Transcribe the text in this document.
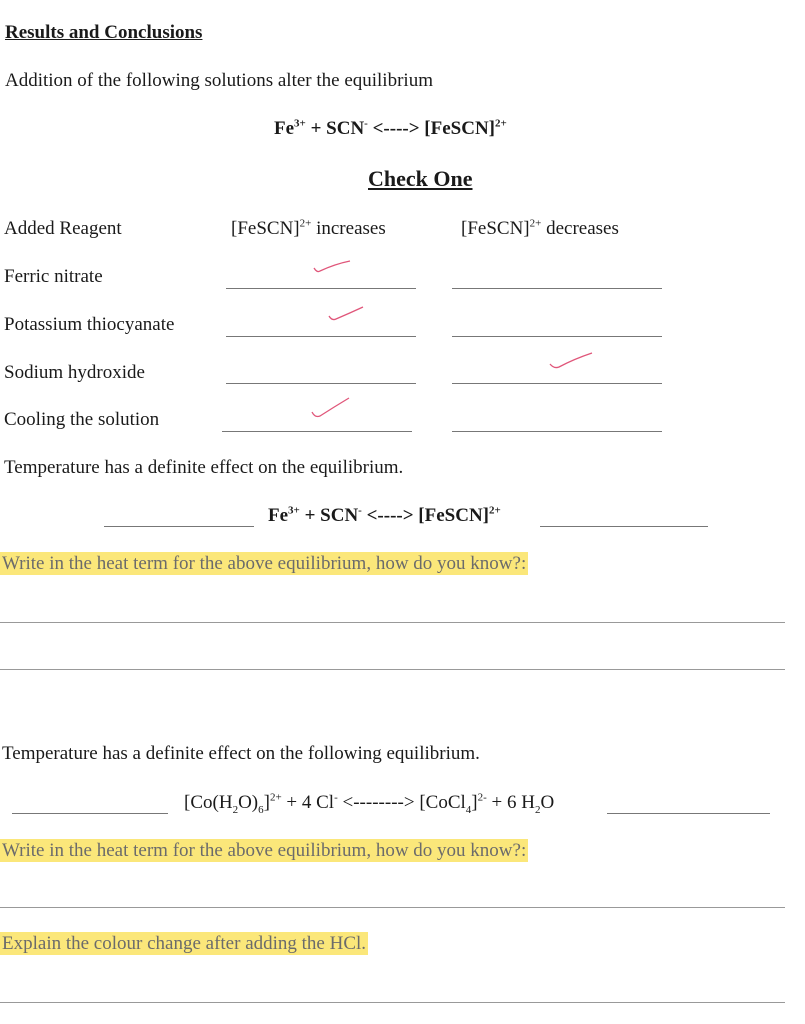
Results and Conclusions
Addition of the following solutions alter the equilibrium
$Fe^{3+} + SCN^-$ <----> [FeSCN]$^{2+}$
Check One
Added Reagent	[FeSCN]$^{2+}$ increases	[FeSCN]$^{2+}$ decreases
Ferric nitrate
Potassium thiocyanate
Sodium hydroxide
Cooling the solution
Temperature has a definite effect on the equilibrium.
$Fe^{3+} + SCN^-$ <----> [FeSCN]$^{2+}$
Write in the heat term for the above equilibrium, how do you know?:
Temperature has a definite effect on the following equilibrium.
$[Co(H_2O)_6]^{2+} + 4$ Cl- <--------> [CoCl$_4$]$^{2-}$ + 6 $H_2O$
Write in the heat term for the above equilibrium, how do you know?:
Explain the colour change after adding the HCl.
